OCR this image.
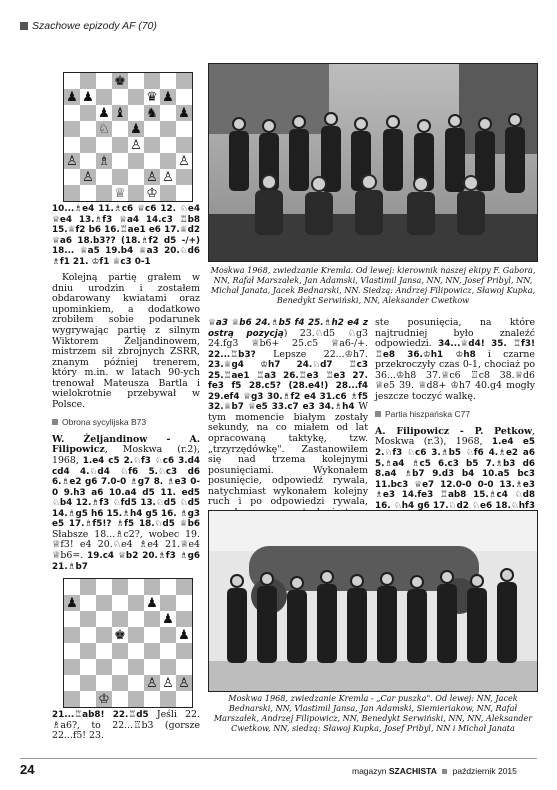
Szachowe epizody AF (70)
♚
♟ ♟	♛ ♟
♟ ♝ ♞ ♟
♘ ♟
♙
♙ ♗	♙
♙	♙ ♙
♕ ♔

10...♗e4 11.♗c6 ♕c6 12. ♘e4 ♕e4 13.♗f3 ♕a4 14.c3 ♖b8 15.♕f2 b6 16.♖ae1 e6 17.♕d2 ♕a6 18.b3?? (18.♗f2 d5 -/+) 18... ♕a5 19.b4 ♕a3 20.♘d6 ♗f1 21. ♔f1 ♕c3 0-1

Kolejną partię grałem w dniu urodzin i zostałem obdarowany kwiatami oraz upominkiem, a dodatkowo zrobiłem sobie podarunek wygrywając partię z silnym Wiktorem Żeljandinowem, mistrzem sił zbrojnych ZSRR, znanym później trenerem, który m.in. w latach 90-ych trenował Mateusza Bartla i wielokrotnie przebywał w Polsce.

Obrona sycylijska B73

W. Żeljandinow - A. Filipowicz, Moskwa (r.2), 1968, 1.e4 c5 2.♘f3 ♘c6 3.d4 cd4 4.♘d4 ♘f6 5.♘c3 d6 6.♗e2 g6 7.0-0 ♗g7 8. ♗e3 0-0 9.h3 a6 10.a4 d5 11. ed5 ♘b4 12.♗f3 ♘fd5 13.♘d5 ♘d5 14.♗g5 h6 15.♗h4 g5 16. ♗g3 e5 17.♗f5!? ♗f5 18.♘d5 ♕b6 Słabsze 18...♗c2?, wobec 19. ♕f3! e4 20.♘e4 ♗e4 21.♕e4 ♕b6=. 19.c4 ♕b2 20.♗f3 ♗g6 21.♗b7

♟	♟
♟
♚	♟
♙ ♙ ♙
♔

21...♖ab8! 22.♖d5 Jeśli 22. ♗a6?, to 22...♖b3 (gorsze 22...f5! 23.

Moskwa 1968, zwiedzanie Kremla. Od lewej: kierownik naszej ekipy F. Gabora, NN, Rafał Marszałek, Jan Adamski, Vlastimil Jansa, NN, NN, Josef Pribyl, NN, Michał Janata, Jacek Bednarski, NN. Siedzą: Andrzej Filipowicz, Sławoj Kupka, Benedykt Serwiński, NN, Aleksander Cwetkow

♕a3 ♕b6 24.♗b5 f4 25.♗h2 e4 z ostrą pozycją) 23.♘d5 ♘g3 24.fg3 ♕b6+ 25.c5 ♕a6-/+. 22...♖b3? Lepsze 22...♔h7. 23.♕g4 ♔h7 24.♘d7 ♖c3 25.♖ae1 ♖a3 26.♖e3 ♖e3 27. fe3 f5 28.c5? (28.e4!) 28...f4 29.ef4 ♕g3 30.♗f2 e4 31.c6 ♗f5 32.♕b7 ♕e5 33.c7 e3 34.♗h4 W tym momencie białym zostały sekundy, na co miałem od lat opracowaną taktykę, tzw. „trzyrzędówkę". Zastanowiłem się nad trzema kolejnymi posunięciami. Wykonałem posunięcie, odpowiedź rywala, natychmiast wykonałem kolejny ruch i po odpowiedzi rywala,

ste posunięcia, na które najtrudniej było znaleźć odpowiedzi. 34...♕d4! 35. ♖f3! ♖e8 36.♔h1 ♔h8 i czarne przekroczyły czas 0-1, chociaż po 36...♔h8 37.♕c6 ♖c8 38.♕d6 ♕e5 39. ♕d8+ ♔h7 40.g4 mogły jeszcze toczyć walkę.

Partia hiszpańska C77

A. Filipowicz - P. Petkow, Moskwa (r.3), 1968, 1.e4 e5 2.♘f3 ♘c6 3.♗b5 ♘f6 4.♗e2 a6 5.♗a4 ♗c5 6.c3 b5 7.♗b3 d6 8.a4 ♗b7 9.d3 b4 10.a5 bc3 11.bc3 ♕e7 12.0-0 0-0 13.♗e3 ♗e3 14.fe3 ♖ab8 15.♗c4 ♘d8 16. ♘h4 g6 17.♘d2 ♘e6 18.♘hf3

Moskwa 1968, zwiedzanie Kremla - „Car puszka". Od lewej: NN, Jacek Bednarski, NN, Vlastimil Jansa, Jan Adamski, Siemieriakow, NN, Rafał Marszałek, Andrzej Filipowicz, NN, Benedykt Serwiński, NN, NN, Aleksander Cwetkow, NN, siedzą: Sławoj Kupka, Josef Pribyl, NN i Michał Janata
24	magazyn SZACHISTA październik 2015
